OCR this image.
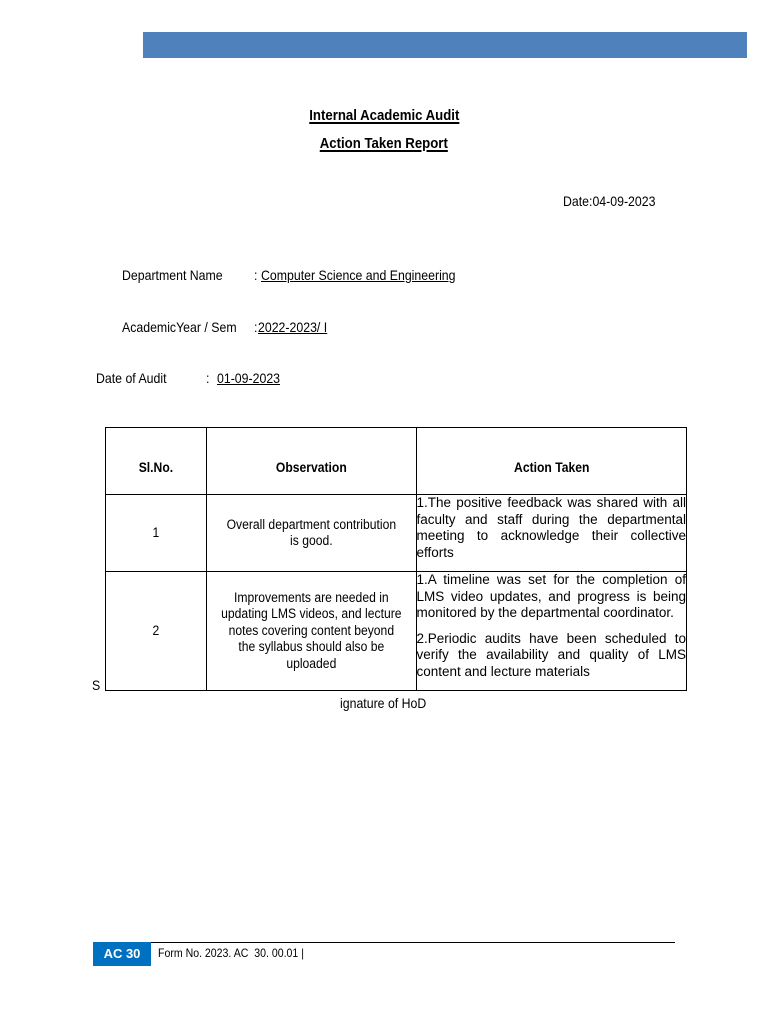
Internal Academic Audit
Action Taken Report
Date:04-09-2023
Department Name : Computer Science and Engineering
AcademicYear / Sem : 2022-2023/ I
Date of Audit	: 01-09-2023
Sl.No.	Observation	Action Taken

1	Overall department contribution is good.	1.The positive feedback was shared with all faculty and staff during the departmental meeting to acknowledge their collective efforts

2	Improvements are needed in updating LMS videos, and lecture notes covering content beyond the syllabus should also be uploaded	1.A timeline was set for the completion of LMS video updates, and progress is being monitored by the departmental coordinator.
2.Periodic audits have been scheduled to verify the availability and quality of LMS content and lecture materials
S
ignature of HoD
AC 30	Form No. 2023. AC  30. 00.01 |
